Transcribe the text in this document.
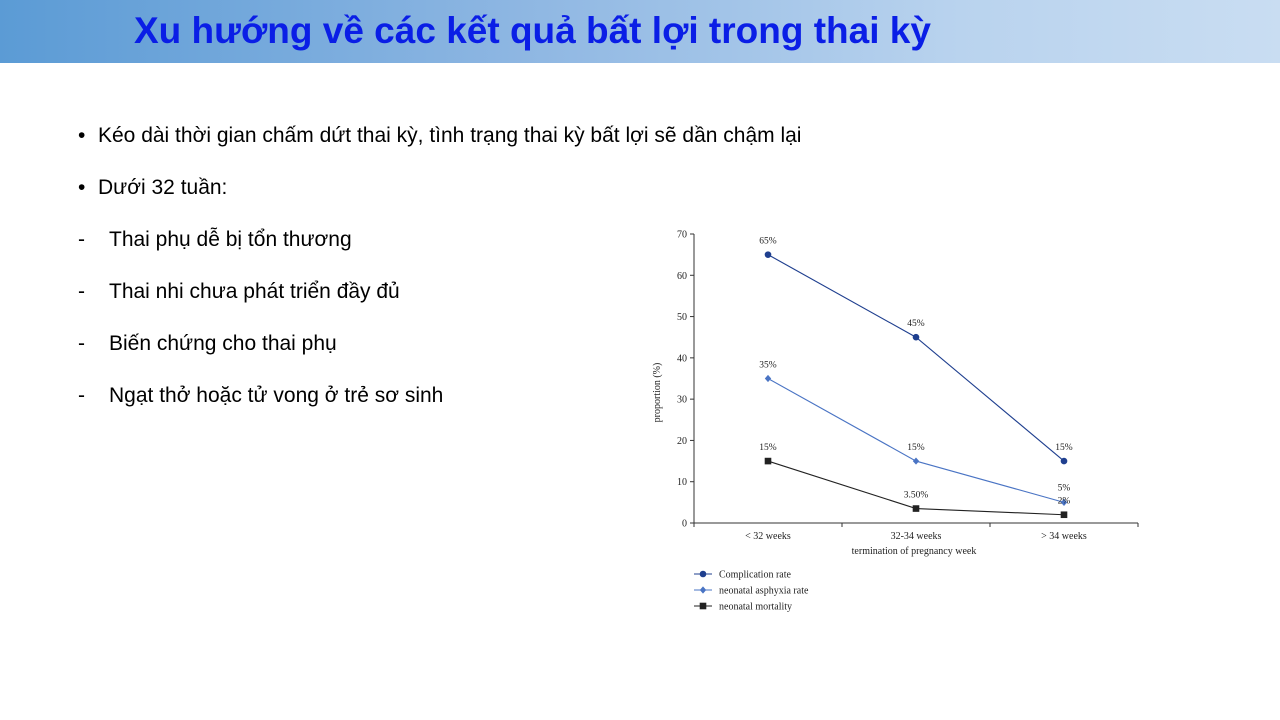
Xu hướng về các kết quả bất lợi trong thai kỳ
• Kéo dài thời gian chấm dứt thai kỳ, tình trạng thai kỳ bất lợi sẽ dần chậm lại
• Dưới 32 tuần:
- Thai phụ dễ bị tổn thương
- Thai nhi chưa phát triển đầy đủ
- Biến chứng cho thai phụ
- Ngạt thở hoặc tử vong ở trẻ sơ sinh
0
10
20
30
40
50
60
70
< 32 weeks	32-34 weeks	> 34 weeks
termination of pregnancy week
proportion (%)
65%
45%
15%
35%
15%
5%
15%
3.50%
2%
Complication rate
neonatal asphyxia rate
neonatal mortality
